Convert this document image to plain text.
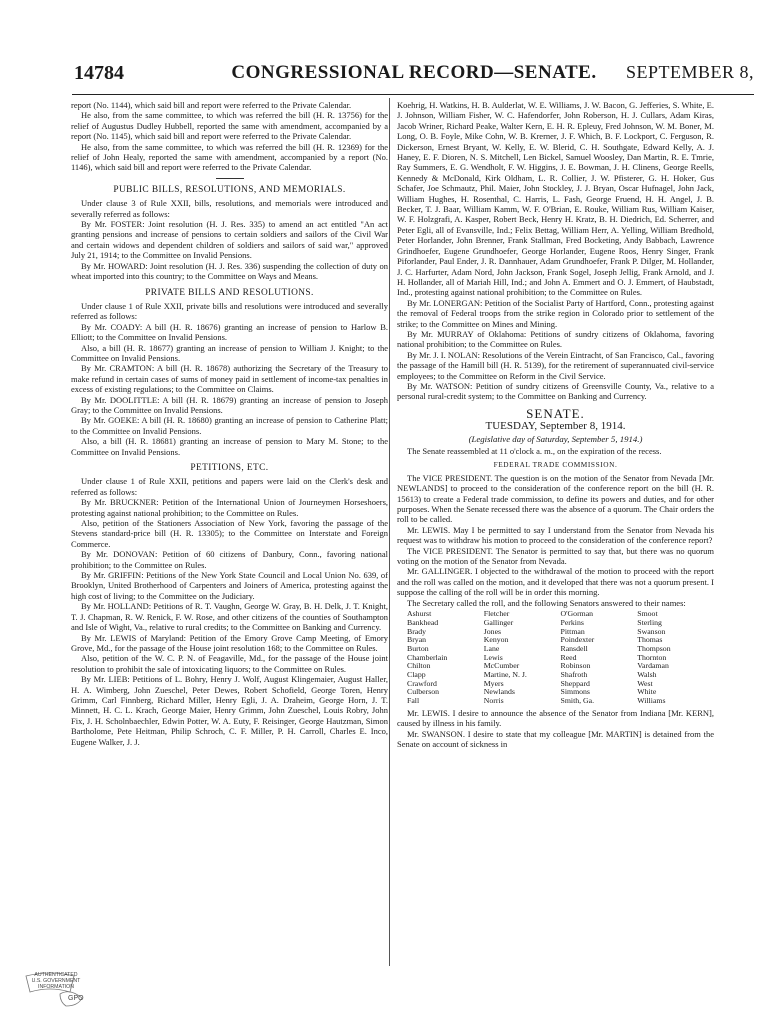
14784	CONGRESSIONAL RECORD—SENATE.	SEPTEMBER 8,

report (No. 1144), which said bill and report were referred to the Private Calendar.

He also, from the same committee, to which was referred the bill (H. R. 13756) for the relief of Augustus Dudley Hubbell, reported the same with amendment, accompanied by a report (No. 1145), which said bill and report were referred to the Private Calendar.

He also, from the same committee, to which was referred the bill (H. R. 12369) for the relief of John Healy, reported the same with amendment, accompanied by a report (No. 1146), which said bill and report were referred to the Private Calendar.

PUBLIC BILLS, RESOLUTIONS, AND MEMORIALS.

Under clause 3 of Rule XXII, bills, resolutions, and memorials were introduced and severally referred as follows:

By Mr. FOSTER: Joint resolution (H. J. Res. 335) to amend an act entitled "An act granting pensions and increase of pensions to certain soldiers and sailors of the Civil War and certain widows and dependent children of soldiers and sailors of said war," approved July 21, 1914; to the Committee on Invalid Pensions.

By Mr. HOWARD: Joint resolution (H. J. Res. 336) suspending the collection of duty on wheat imported into this country; to the Committee on Ways and Means.

PRIVATE BILLS AND RESOLUTIONS.

Under clause 1 of Rule XXII, private bills and resolutions were introduced and severally referred as follows:

By Mr. COADY: A bill (H. R. 18676) granting an increase of pension to Harlow B. Elliott; to the Committee on Invalid Pensions.

Also, a bill (H. R. 18677) granting an increase of pension to William J. Knight; to the Committee on Invalid Pensions.

By Mr. CRAMTON: A bill (H. R. 18678) authorizing the Secretary of the Treasury to make refund in certain cases of sums of money paid in settlement of income-tax penalties in excess of existing regulations; to the Committee on Claims.

By Mr. DOOLITTLE: A bill (H. R. 18679) granting an increase of pension to Joseph Gray; to the Committee on Invalid Pensions.

By Mr. GOEKE: A bill (H. R. 18680) granting an increase of pension to Catherine Platt; to the Committee on Invalid Pensions.

Also, a bill (H. R. 18681) granting an increase of pension to Mary M. Stone; to the Committee on Invalid Pensions.

PETITIONS, ETC.

Under clause 1 of Rule XXII, petitions and papers were laid on the Clerk's desk and referred as follows:

By Mr. BRUCKNER: Petition of the International Union of Journeymen Horseshoers, protesting against national prohibition; to the Committee on Rules.

Also, petition of the Stationers Association of New York, favoring the passage of the Stevens standard-price bill (H. R. 13305); to the Committee on Interstate and Foreign Commerce.

By Mr. DONOVAN: Petition of 60 citizens of Danbury, Conn., favoring national prohibition; to the Committee on Rules.

By Mr. GRIFFIN: Petitions of the New York State Council and Local Union No. 639, of Brooklyn, United Brotherhood of Carpenters and Joiners of America, protesting against the high cost of living; to the Committee on the Judiciary.

By Mr. HOLLAND: Petitions of R. T. Vaughn, George W. Gray, B. H. Delk, J. T. Knight, T. J. Chapman, R. W. Renick, F. W. Rose, and other citizens of the counties of Southampton and Isle of Wight, Va., relative to rural credits; to the Committee on Banking and Currency.

By Mr. LEWIS of Maryland: Petition of the Emory Grove Camp Meeting, of Emory Grove, Md., for the passage of the House joint resolution 168; to the Committee on Rules.

Also, petition of the W. C. P. N. of Feagaville, Md., for the passage of the House joint resolution to prohibit the sale of intoxicating liquors; to the Committee on Rules.

By Mr. LIEB: Petitions of L. Bohry, Henry J. Wolf, August Klingemaier, August Haller, H. A. Wimberg, John Zueschel, Peter Dewes, Robert Schofield, George Toren, Henry Grimm, Carl Finnberg, Richard Miller, Henry Egli, J. A. Draheim, George Horn, J. T. Minnett, H. C. L. Krach, George Maier, Henry Grimm, John Zueschel, Louis Robry, John Fix, J. H. Scholnbaechler, Edwin Potter, W. A. Euty, F. Reisinger, George Hautzman, Simon Bartholome, Pete Heitman, Philip Schroch, C. F. Miller, P. H. Carroll, Charles E. Inco, Eugene Walker, J. J.

Koehrig, H. Watkins, H. B. Aulderlat, W. E. Williams, J. W. Bacon, G. Jefferies, S. White, E. J. Johnson, William Fisher, W. C. Hafendorfer, John Roberson, H. J. Cullars, Adam Kiras, Jacob Wriner, Richard Peake, Walter Kern, E. H. R. Epleuy, Fred Johnson, W. M. Boner, M. Long, O. B. Foyle, Mike Cohn, W. B. Krerner, J. F. Which, B. F. Lockport, C. Ferguson, R. Dickerson, Ernest Bryant, W. Kelly, E. W. Blerid, C. H. Southgate, Edward Kelly, A. J. Haney, E. F. Dioren, N. S. Mitchell, Len Bickel, Samuel Woosley, Dan Martin, R. E. Tmrie, Ray Summers, E. G. Wendholt, F. W. Higgins, J. E. Bowman, J. H. Clinens, George Reells, Kennedy & McDonald, Kirk Oldham, L. R. Collier, J. W. Pfisterer, G. H. Hoker, Gus Schafer, Joe Schmautz, Phil. Maier, John Stockley, J. J. Bryan, Oscar Hufnagel, John Jack, William Hughes, H. Rosenthal, C. Harris, L. Fash, George Fruend, H. H. Angel, J. B. Becker, T. J. Baar, William Kamm, W. F. O'Brian, E. Rouke, William Rus, William Kaiser, W. F. Holzgrafi, A. Kasper, Robert Beck, Henry H. Kratz, B. H. Diedrich, Ed. Scherrer, and Peter Egli, all of Evansville, Ind.; Felix Bettag, William Herr, A. Yelling, William Bredhold, Peter Horlander, John Brenner, Frank Stallman, Fred Bocketing, Andy Babbach, Lawrence Grindhoefer, Eugene Grundhoefer, George Horlander, Eugene Roos, Henry Singer, Frank Piforlander, Paul Ender, J. R. Dannhauer, Adam Grundhoefer, Frank P. Dilger, M. Hollander, J. C. Harfurter, Adam Nord, John Jackson, Frank Sogel, Joseph Jellig, Frank Arnold, and J. H. Hollander, all of Mariah Hill, Ind.; and John A. Emmert and O. J. Emmert, of Haubstadt, Ind., protesting against national prohibition; to the Committee on Rules.

By Mr. LONERGAN: Petition of the Socialist Party of Hartford, Conn., protesting against the removal of Federal troops from the strike region in Colorado prior to settlement of the strike; to the Committee on Mines and Mining.

By Mr. MURRAY of Oklahoma: Petitions of sundry citizens of Oklahoma, favoring national prohibition; to the Committee on Rules.

By Mr. J. I. NOLAN: Resolutions of the Verein Eintracht, of San Francisco, Cal., favoring the passage of the Hamill bill (H. R. 5139), for the retirement of superannuated civil-service employees; to the Committee on Reform in the Civil Service.

By Mr. WATSON: Petition of sundry citizens of Greensville County, Va., relative to a personal rural-credit system; to the Committee on Banking and Currency.

SENATE.

TUESDAY, September 8, 1914.

(Legislative day of Saturday, September 5, 1914.)

The Senate reassembled at 11 o'clock a. m., on the expiration of the recess.

FEDERAL TRADE COMMISSION.

The VICE PRESIDENT. The question is on the motion of the Senator from Nevada [Mr. NEWLANDS] to proceed to the consideration of the conference report on the bill (H. R. 15613) to create a Federal trade commission, to define its powers and duties, and for other purposes. When the Senate recessed there was the absence of a quorum. The Chair orders the roll to be called.

Mr. LEWIS. May I be permitted to say I understand from the Senator from Nevada his request was to withdraw his motion to proceed to the consideration of the conference report?

The VICE PRESIDENT. The Senator is permitted to say that, but there was no quorum voting on the motion of the Senator from Nevada.

Mr. GALLINGER. I objected to the withdrawal of the motion to proceed with the report and the roll was called on the motion, and it developed that there was not a quorum present. I suppose the calling of the roll will be in order this morning.

The Secretary called the roll, and the following Senators answered to their names:

Ashurst	Fletcher	O'Gorman	Smoot
Bankhead	Gallinger	Perkins	Sterling
Brady	Jones	Pittman	Swanson
Bryan	Kenyon	Poindexter	Thomas
Burton	Lane	Ransdell	Thompson
Chamberlain	Lewis	Reed	Thornton
Chilton	McCumber	Robinson	Vardaman
Clapp	Martine, N. J.	Shafroth	Walsh
Crawford	Myers	Sheppard	West
Culberson	Newlands	Simmons	White
Fall	Norris	Smith, Ga.	Williams

Mr. LEWIS. I desire to announce the absence of the Senator from Indiana [Mr. KERN], caused by illness in his family.

Mr. SWANSON. I desire to state that my colleague [Mr. MARTIN] is detained from the Senate on account of sickness in

AUTHENTICATED
U.S. GOVERNMENT
INFORMATION
GPO
